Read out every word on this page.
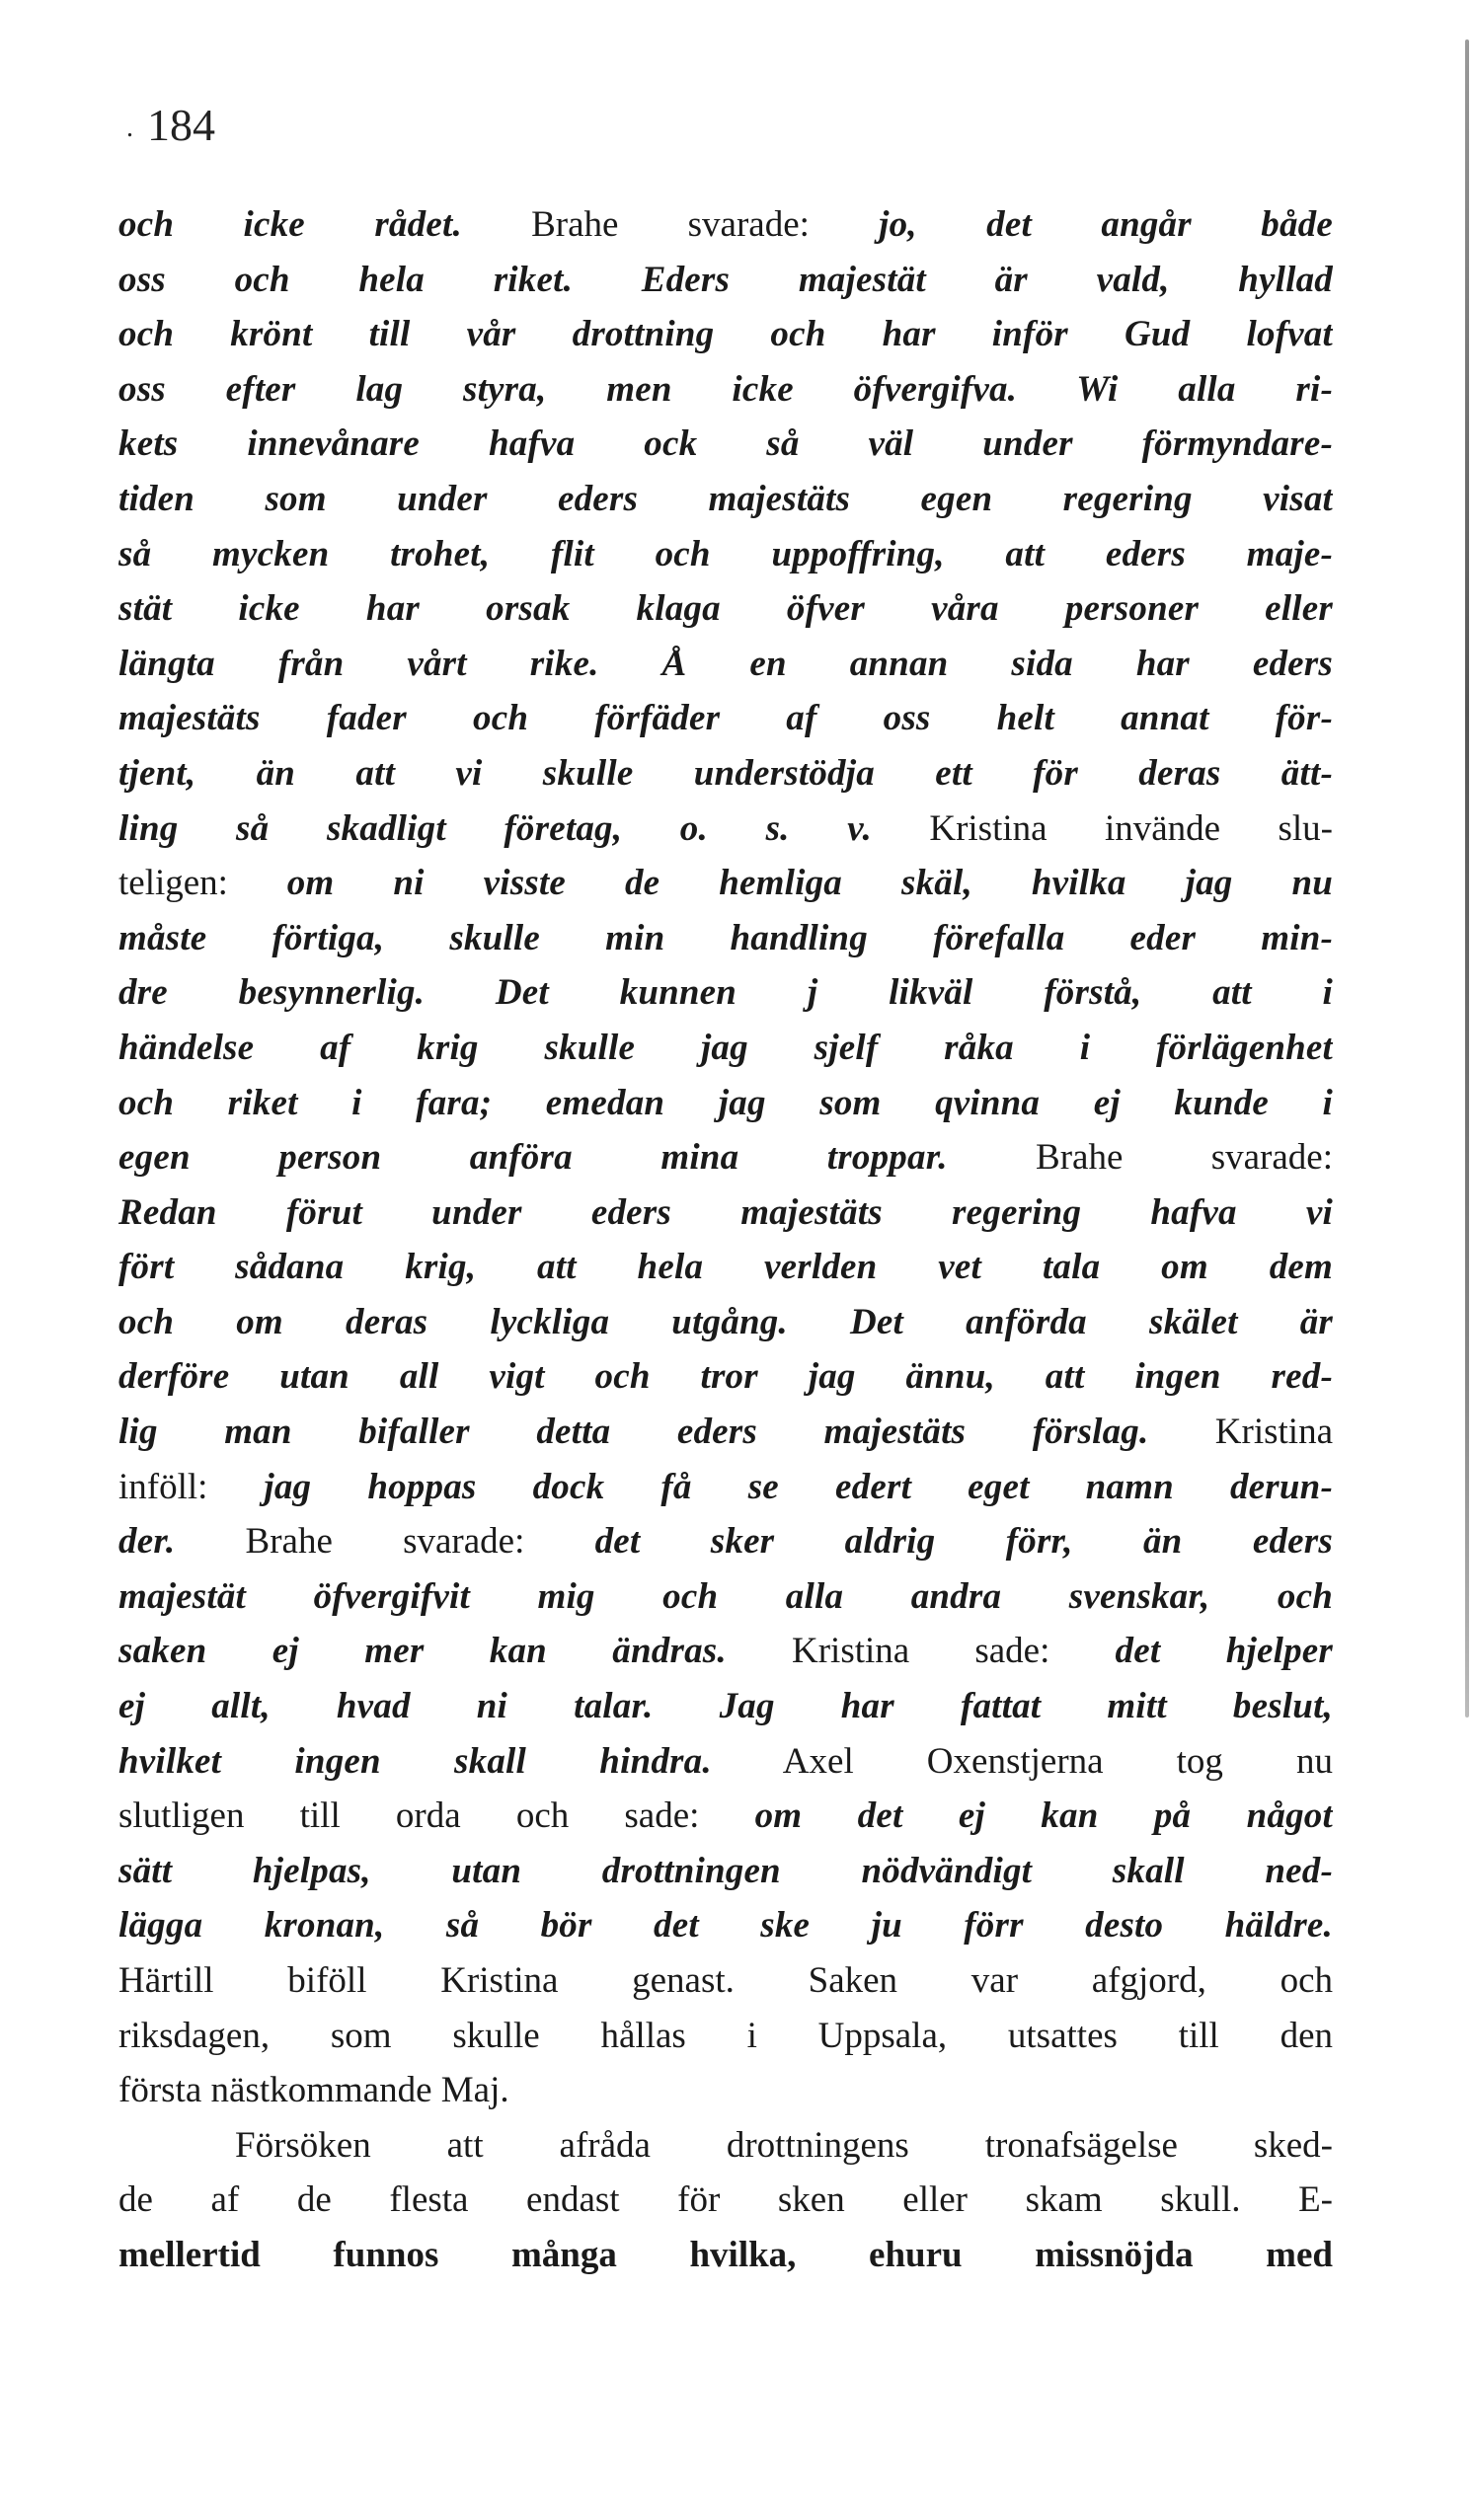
. 184
och icke rådet. Brahe svarade: jo, det angår både
oss och hela riket. Eders majestät är vald, hyllad
och krönt till vår drottning och har inför Gud lofvat
oss efter lag styra, men icke öfvergifva. Wi alla ri-
kets innevånare hafva ock så väl under förmyndare-
tiden som under eders majestäts egen regering visat
så mycken trohet, flit och uppoffring, att eders maje-
stät icke har orsak klaga öfver våra personer eller
längta från vårt rike. Å en annan sida har eders
majestäts fader och förfäder af oss helt annat för-
tjent, än att vi skulle understödja ett för deras ätt-
ling så skadligt företag, o. s. v. Kristina invände slu-
teligen: om ni visste de hemliga skäl, hvilka jag nu
måste förtiga, skulle min handling förefalla eder min-
dre besynnerlig. Det kunnen j likväl förstå, att i
händelse af krig skulle jag sjelf råka i förlägenhet
och riket i fara; emedan jag som qvinna ej kunde i
egen person anföra mina troppar. Brahe svarade:
Redan förut under eders majestäts regering hafva vi
fört sådana krig, att hela verlden vet tala om dem
och om deras lyckliga utgång. Det anförda skälet är
derföre utan all vigt och tror jag ännu, att ingen red-
lig man bifaller detta eders majestäts förslag. Kristina
inföll: jag hoppas dock få se edert eget namn derun-
der. Brahe svarade: det sker aldrig förr, än eders
majestät öfvergifvit mig och alla andra svenskar, och
saken ej mer kan ändras. Kristina sade: det hjelper
ej allt, hvad ni talar. Jag har fattat mitt beslut,
hvilket ingen skall hindra. Axel Oxenstjerna tog nu
slutligen till orda och sade: om det ej kan på något
sätt hjelpas, utan drottningen nödvändigt skall ned-
lägga kronan, så bör det ske ju förr desto häldre.
Härtill biföll Kristina genast. Saken var afgjord, och
riksdagen, som skulle hållas i Uppsala, utsattes till den
första nästkommande Maj.
Försöken att afråda drottningens tronafsägelse sked-
de af de flesta endast för sken eller skam skull. E-
mellertid funnos många hvilka, ehuru missnöjda med
